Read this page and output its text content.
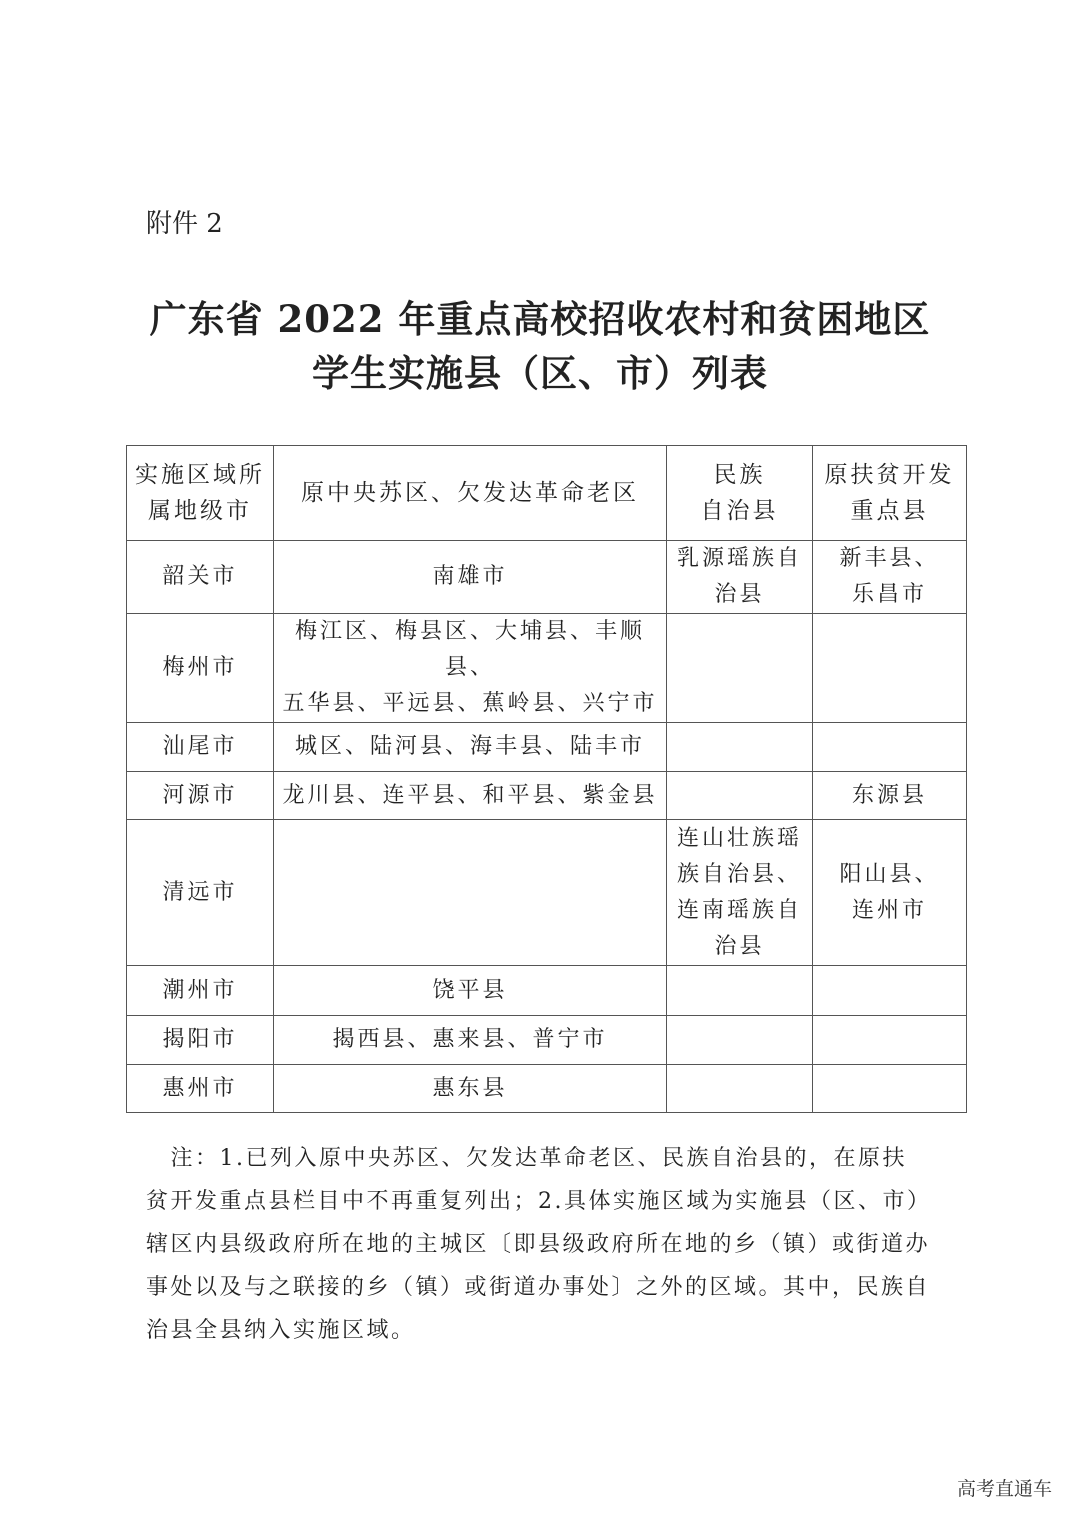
附件 2
广东省 2022 年重点高校招收农村和贫困地区
学生实施县（区、市）列表
实施区域所
属地级市	原中央苏区、欠发达革命老区	民族
自治县	原扶贫开发
重点县
韶关市	南雄市	乳源瑶族自
治县	新丰县、
乐昌市
梅州市	梅江区、梅县区、大埔县、丰顺县、
五华县、平远县、蕉岭县、兴宁市		
汕尾市	城区、陆河县、海丰县、陆丰市		
河源市	龙川县、连平县、和平县、紫金县		东源县
清远市		连山壮族瑶
族自治县、
连南瑶族自
治县	阳山县、
连州市
潮州市	饶平县		
揭阳市	揭西县、惠来县、普宁市		
惠州市	惠东县		
　注：1.已列入原中央苏区、欠发达革命老区、民族自治县的，在原扶
贫开发重点县栏目中不再重复列出；2.具体实施区域为实施县（区、市）
辖区内县级政府所在地的主城区〔即县级政府所在地的乡（镇）或街道办
事处以及与之联接的乡（镇）或街道办事处〕之外的区域。其中，民族自
治县全县纳入实施区域。
高考直通车
